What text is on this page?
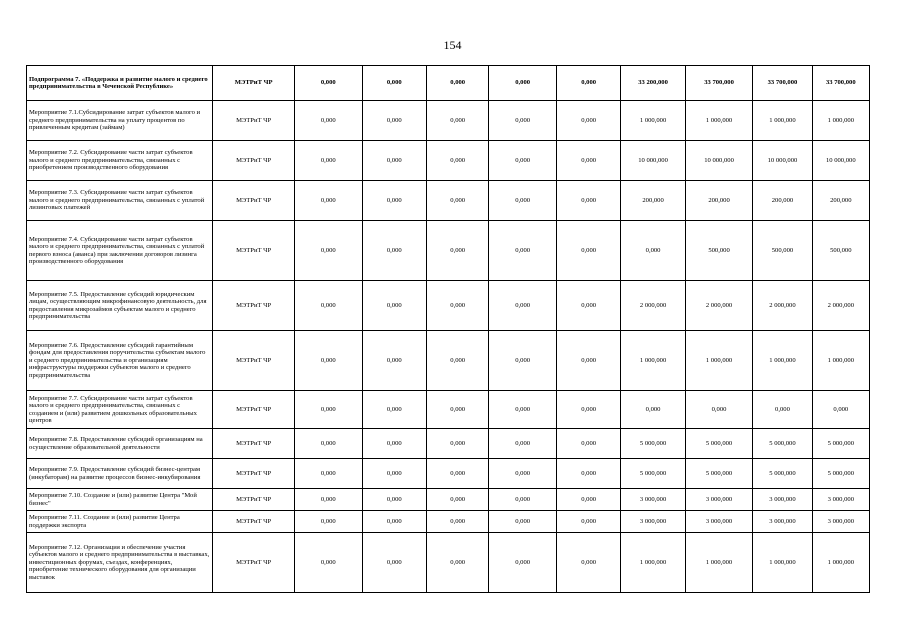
154
Подпрограмма 7. «Поддержка и развитие малого и среднего предпринимательства в Чеченской Республике»	МЭТРиТ ЧР	0,000	0,000	0,000	0,000	0,000	33 200,000	33 700,000	33 700,000	33 700,000
Мероприятие 7.1.Субсидирование затрат субъектов малого и среднего предпринимательства на уплату процентов по привлеченным кредитам (займам)	МЭТРиТ ЧР	0,000	0,000	0,000	0,000	0,000	1 000,000	1 000,000	1 000,000	1 000,000
Мероприятие 7.2. Субсидирование части затрат субъектов малого и среднего предпринимательства, связанных с приобретением производственного оборудования	МЭТРиТ ЧР	0,000	0,000	0,000	0,000	0,000	10 000,000	10 000,000	10 000,000	10 000,000
Мероприятие 7.3. Субсидирование части затрат субъектов малого и среднего предпринимательства, связанных с уплатой лизинговых платежей	МЭТРиТ ЧР	0,000	0,000	0,000	0,000	0,000	200,000	200,000	200,000	200,000
Мероприятие 7.4. Субсидирование части затрат субъектов малого и среднего предпринимательства, связанных с уплатой первого взноса (аванса) при заключении договоров лизинга производственного оборудования	МЭТРиТ ЧР	0,000	0,000	0,000	0,000	0,000	0,000	500,000	500,000	500,000
Мероприятие 7.5. Предоставление субсидий юридическим лицам, осуществляющим микрофинансовую деятельность, для предоставления микрозаймов субъектам малого и среднего предпринимательства	МЭТРиТ ЧР	0,000	0,000	0,000	0,000	0,000	2 000,000	2 000,000	2 000,000	2 000,000
Мероприятие 7.6. Предоставление субсидий гарантийным фондам для предоставления поручительства субъектам малого и среднего предпринимательства и организациям инфраструктуры поддержки субъектов малого и среднего предпринимательства	МЭТРиТ ЧР	0,000	0,000	0,000	0,000	0,000	1 000,000	1 000,000	1 000,000	1 000,000
Мероприятие 7.7. Субсидирование части затрат субъектов малого и среднего предпринимательства, связанных с созданием и (или) развитием дошкольных образовательных центров	МЭТРиТ ЧР	0,000	0,000	0,000	0,000	0,000	0,000	0,000	0,000	0,000
Мероприятие 7.8. Предоставление субсидий организациям на осуществление образовательной деятельности	МЭТРиТ ЧР	0,000	0,000	0,000	0,000	0,000	5 000,000	5 000,000	5 000,000	5 000,000
Мероприятие 7.9. Предоставление субсидий бизнес-центрам (инкубаторам) на развитие процессов бизнес-инкубирования	МЭТРиТ ЧР	0,000	0,000	0,000	0,000	0,000	5 000,000	5 000,000	5 000,000	5 000,000
Мероприятие 7.10. Создание и (или) развитие Центра "Мой бизнес"	МЭТРиТ ЧР	0,000	0,000	0,000	0,000	0,000	3 000,000	3 000,000	3 000,000	3 000,000
Мероприятие 7.11. Создание и (или) развитие Центра поддержки экспорта	МЭТРиТ ЧР	0,000	0,000	0,000	0,000	0,000	3 000,000	3 000,000	3 000,000	3 000,000
Мероприятие 7.12. Организация и обеспечение участия субъектов малого и среднего предпринимательства в выставках, инвестиционных форумах, съездах, конференциях, приобретение технического оборудования для организации выставок	МЭТРиТ ЧР	0,000	0,000	0,000	0,000	0,000	1 000,000	1 000,000	1 000,000	1 000,000
